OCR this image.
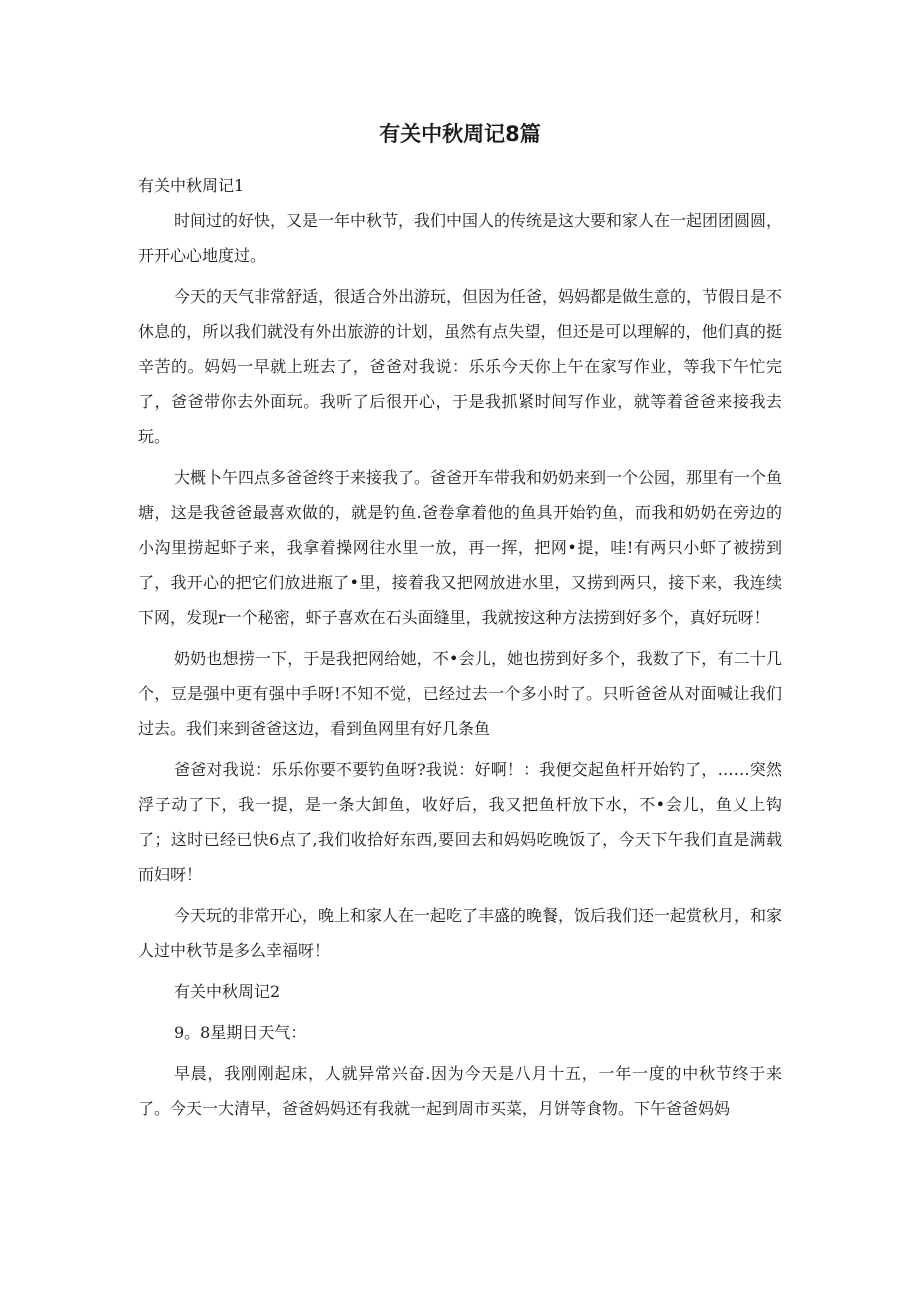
有关中秋周记8篇

有关中秋周记1

时间过的好快，又是一年中秋节，我们中国人的传统是这大要和家人在一起团团圆圆，开开心心地度过。

今天的天气非常舒适，很适合外出游玩，但因为任爸，妈妈都是做生意的，节假日是不休息的，所以我们就没有外出旅游的计划，虽然有点失望，但还是可以理解的，他们真的挺辛苦的。妈妈一早就上班去了，爸爸对我说：乐乐今天你上午在家写作业，等我下午忙完了，爸爸带你去外面玩。我听了后很开心，于是我抓紧时间写作业，就等着爸爸来接我去玩。

大概卜午四点多爸爸终于来接我了。爸爸开车带我和奶奶来到一个公园，那里有一个鱼塘，这是我爸爸最喜欢做的，就是钓鱼.爸卷拿着他的鱼具开始钓鱼，而我和奶奶在旁边的小沟里捞起虾子来，我拿着操网往水里一放，再一挥，把网•提，哇!有两只小虾了被捞到了，我开心的把它们放进瓶了•里，接着我又把网放进水里，又捞到两只，接下来，我连续下网，发现r一个秘密，虾子喜欢在石头面缝里，我就按这种方法捞到好多个，真好玩呀！

奶奶也想捞一下，于是我把网给她，不•会儿，她也捞到好多个，我数了下，有二十几个，豆是强中更有强中手呀!不知不觉，已经过去一个多小时了。只听爸爸从对面喊让我们过去。我们来到爸爸这边，看到鱼网里有好几条鱼

爸爸对我说：乐乐你要不要钓鱼呀?我说：好啊！：我便交起鱼杆开始钓了，……突然浮子动了下，我一提，是一条大卸鱼，收好后，我又把鱼杆放下水，不•会儿，鱼乂上钩了；这时已经已快6点了,我们收拾好东西,要回去和妈妈吃晚饭了，今天下午我们直是满载而妇呀！

今天玩的非常开心，晚上和家人在一起吃了丰盛的晚餐，饭后我们还一起赏秋月，和家人过中秋节是多么幸福呀！

有关中秋周记2

9。8星期日天气：

早晨，我刚刚起床，人就异常兴奋.因为今天是八月十五，一年一度的中秋节终于来了。今天一大清早，爸爸妈妈还有我就一起到周市买菜，月饼等食物。下午爸爸妈妈
